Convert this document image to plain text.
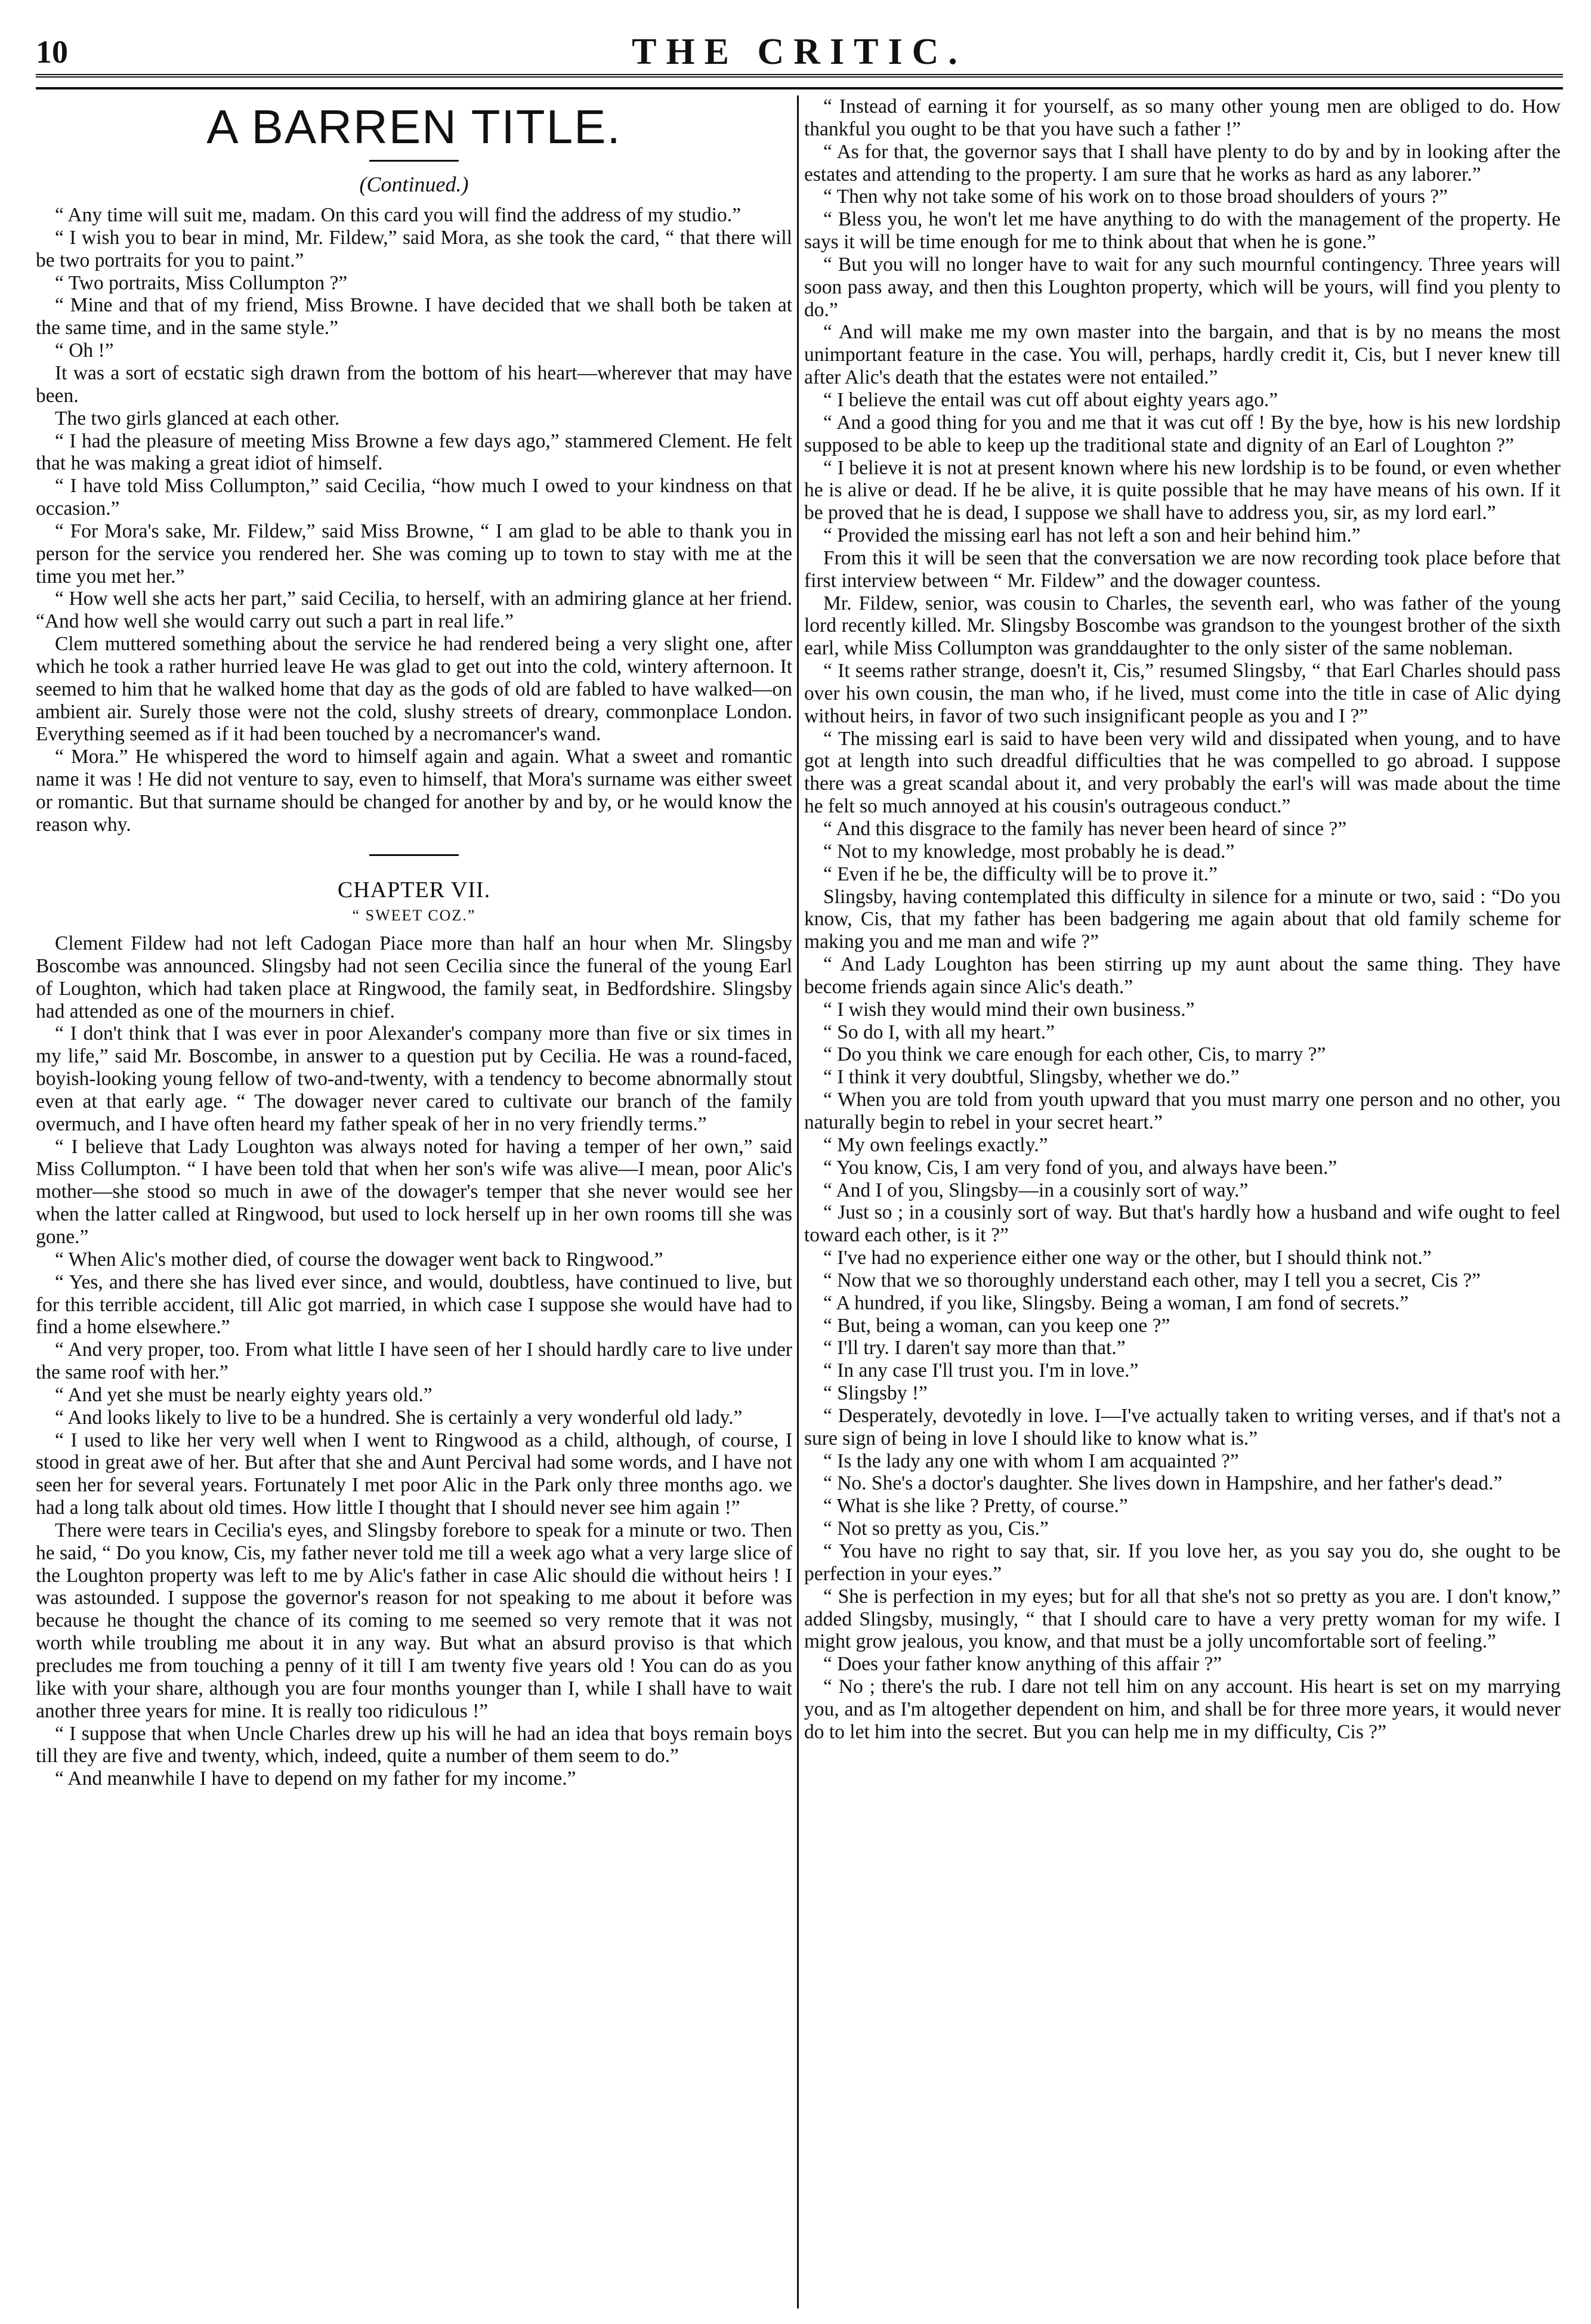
10	THE CRITIC.
A BARREN TITLE.
(Continued.)

“ Any time will suit me, madam. On this card you will find the address of my studio.”

“ I wish you to bear in mind, Mr. Fildew,” said Mora, as she took the card, “ that there will be two portraits for you to paint.”

“ Two portraits, Miss Collumpton ?”

“ Mine and that of my friend, Miss Browne. I have decided that we shall both be taken at the same time, and in the same style.”

“ Oh !”

It was a sort of ecstatic sigh drawn from the bottom of his heart—wherever that may have been.

The two girls glanced at each other.

“ I had the pleasure of meeting Miss Browne a few days ago,” stammered Clement. He felt that he was making a great idiot of himself.

“ I have told Miss Collumpton,” said Cecilia, “how much I owed to your kindness on that occasion.”

“ For Mora's sake, Mr. Fildew,” said Miss Browne, “ I am glad to be able to thank you in person for the service you rendered her. She was coming up to town to stay with me at the time you met her.”

“ How well she acts her part,” said Cecilia, to herself, with an admiring glance at her friend. “And how well she would carry out such a part in real life.”

Clem muttered something about the service he had rendered being a very slight one, after which he took a rather hurried leave He was glad to get out into the cold, wintery afternoon. It seemed to him that he walked home that day as the gods of old are fabled to have walked—on ambient air. Surely those were not the cold, slushy streets of dreary, commonplace London. Everything seemed as if it had been touched by a necromancer's wand.

“ Mora.” He whispered the word to himself again and again. What a sweet and romantic name it was ! He did not venture to say, even to himself, that Mora's surname was either sweet or romantic. But that surname should be changed for another by and by, or he would know the reason why.

CHAPTER VII.
“ SWEET COZ.”

Clement Fildew had not left Cadogan Piace more than half an hour when Mr. Slingsby Boscombe was announced. Slingsby had not seen Cecilia since the funeral of the young Earl of Loughton, which had taken place at Ringwood, the family seat, in Bedfordshire. Slingsby had attended as one of the mourners in chief.

“ I don't think that I was ever in poor Alexander's company more than five or six times in my life,” said Mr. Boscombe, in answer to a question put by Cecilia. He was a round-faced, boyish-looking young fellow of two-and-twenty, with a tendency to become abnormally stout even at that early age. “ The dowager never cared to cultivate our branch of the family overmuch, and I have often heard my father speak of her in no very friendly terms.”

“ I believe that Lady Loughton was always noted for having a temper of her own,” said Miss Collumpton. “ I have been told that when her son's wife was alive—I mean, poor Alic's mother—she stood so much in awe of the dowager's temper that she never would see her when the latter called at Ringwood, but used to lock herself up in her own rooms till she was gone.”

“ When Alic's mother died, of course the dowager went back to Ringwood.”

“ Yes, and there she has lived ever since, and would, doubtless, have continued to live, but for this terrible accident, till Alic got married, in which case I suppose she would have had to find a home elsewhere.”

“ And very proper, too. From what little I have seen of her I should hardly care to live under the same roof with her.”

“ And yet she must be nearly eighty years old.”

“ And looks likely to live to be a hundred. She is certainly a very wonderful old lady.”

“ I used to like her very well when I went to Ringwood as a child, although, of course, I stood in great awe of her. But after that she and Aunt Percival had some words, and I have not seen her for several years. Fortunately I met poor Alic in the Park only three months ago. we had a long talk about old times. How little I thought that I should never see him again !”

There were tears in Cecilia's eyes, and Slingsby forebore to speak for a minute or two. Then he said, “ Do you know, Cis, my father never told me till a week ago what a very large slice of the Loughton property was left to me by Alic's father in case Alic should die without heirs ! I was astounded. I suppose the governor's reason for not speaking to me about it before was because he thought the chance of its coming to me seemed so very remote that it was not worth while troubling me about it in any way. But what an absurd proviso is that which precludes me from touching a penny of it till I am twenty five years old ! You can do as you like with your share, although you are four months younger than I, while I shall have to wait another three years for mine. It is really too ridiculous !”

“ I suppose that when Uncle Charles drew up his will he had an idea that boys remain boys till they are five and twenty, which, indeed, quite a number of them seem to do.”

“ And meanwhile I have to depend on my father for my income.”

“ Instead of earning it for yourself, as so many other young men are obliged to do. How thankful you ought to be that you have such a father !”

“ As for that, the governor says that I shall have plenty to do by and by in looking after the estates and attending to the property. I am sure that he works as hard as any laborer.”

“ Then why not take some of his work on to those broad shoulders of yours ?”

“ Bless you, he won't let me have anything to do with the management of the property. He says it will be time enough for me to think about that when he is gone.”

“ But you will no longer have to wait for any such mournful contingency. Three years will soon pass away, and then this Loughton property, which will be yours, will find you plenty to do.”

“ And will make me my own master into the bargain, and that is by no means the most unimportant feature in the case. You will, perhaps, hardly credit it, Cis, but I never knew till after Alic's death that the estates were not entailed.”

“ I believe the entail was cut off about eighty years ago.”

“ And a good thing for you and me that it was cut off ! By the bye, how is his new lordship supposed to be able to keep up the traditional state and dignity of an Earl of Loughton ?”

“ I believe it is not at present known where his new lordship is to be found, or even whether he is alive or dead. If he be alive, it is quite possible that he may have means of his own. If it be proved that he is dead, I suppose we shall have to address you, sir, as my lord earl.”

“ Provided the missing earl has not left a son and heir behind him.”

From this it will be seen that the conversation we are now recording took place before that first interview between “ Mr. Fildew” and the dowager countess.

Mr. Fildew, senior, was cousin to Charles, the seventh earl, who was father of the young lord recently killed. Mr. Slingsby Boscombe was grandson to the youngest brother of the sixth earl, while Miss Collumpton was granddaughter to the only sister of the same nobleman.

“ It seems rather strange, doesn't it, Cis,” resumed Slingsby, “ that Earl Charles should pass over his own cousin, the man who, if he lived, must come into the title in case of Alic dying without heirs, in favor of two such insignificant people as you and I ?”

“ The missing earl is said to have been very wild and dissipated when young, and to have got at length into such dreadful difficulties that he was compelled to go abroad. I suppose there was a great scandal about it, and very probably the earl's will was made about the time he felt so much annoyed at his cousin's outrageous conduct.”

“ And this disgrace to the family has never been heard of since ?”

“ Not to my knowledge, most probably he is dead.”

“ Even if he be, the difficulty will be to prove it.”

Slingsby, having contemplated this difficulty in silence for a minute or two, said : “Do you know, Cis, that my father has been badgering me again about that old family scheme for making you and me man and wife ?”

“ And Lady Loughton has been stirring up my aunt about the same thing. They have become friends again since Alic's death.”

“ I wish they would mind their own business.”

“ So do I, with all my heart.”

“ Do you think we care enough for each other, Cis, to marry ?”

“ I think it very doubtful, Slingsby, whether we do.”

“ When you are told from youth upward that you must marry one person and no other, you naturally begin to rebel in your secret heart.”

“ My own feelings exactly.”

“ You know, Cis, I am very fond of you, and always have been.”

“ And I of you, Slingsby—in a cousinly sort of way.”

“ Just so ; in a cousinly sort of way. But that's hardly how a husband and wife ought to feel toward each other, is it ?”

“ I've had no experience either one way or the other, but I should think not.”

“ Now that we so thoroughly understand each other, may I tell you a secret, Cis ?”

“ A hundred, if you like, Slingsby. Being a woman, I am fond of secrets.”

“ But, being a woman, can you keep one ?”

“ I'll try. I daren't say more than that.”

“ In any case I'll trust you. I'm in love.”

“ Slingsby !”

“ Desperately, devotedly in love. I—I've actually taken to writing verses, and if that's not a sure sign of being in love I should like to know what is.”

“ Is the lady any one with whom I am acquainted ?”

“ No. She's a doctor's daughter. She lives down in Hampshire, and her father's dead.”

“ What is she like ? Pretty, of course.”

“ Not so pretty as you, Cis.”

“ You have no right to say that, sir. If you love her, as you say you do, she ought to be perfection in your eyes.”

“ She is perfection in my eyes; but for all that she's not so pretty as you are. I don't know,” added Slingsby, musingly, “ that I should care to have a very pretty woman for my wife. I might grow jealous, you know, and that must be a jolly uncomfortable sort of feeling.”

“ Does your father know anything of this affair ?”

“ No ; there's the rub. I dare not tell him on any account. His heart is set on my marrying you, and as I'm altogether dependent on him, and shall be for three more years, it would never do to let him into the secret. But you can help me in my difficulty, Cis ?”
